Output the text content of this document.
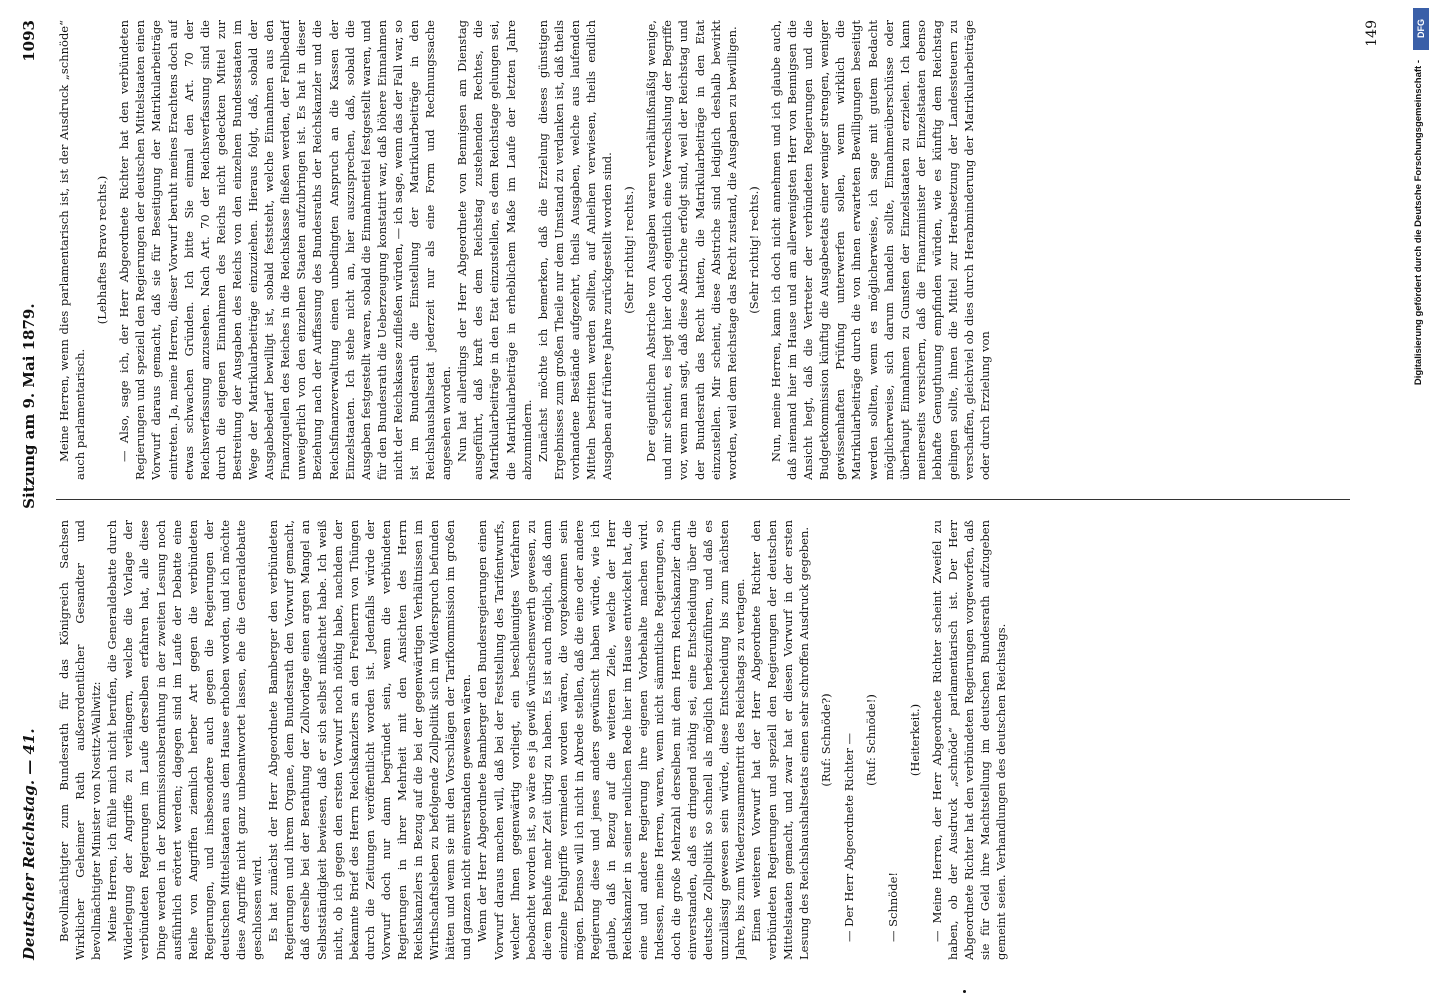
Deutscher Reichstag. — 41.
Sitzung am 9. Mai 1879.
1093

Bevollmächtigter zum Bundesrath für das Königreich Sachsen Wirklicher Geheimer Rath außerordentlicher Gesandter und bevollmächtigter Minister von Nostitz-Wallwitz: Meine Herren, ich fühle mich nicht berufen, die Generaldebatte durch Widerlegung der Angriffe zu verlängern, welche die Vorlage der verbündeten Regierungen im Laufe derselben erfahren hat, alle diese Dinge werden in der Kommissionsberathung in der zweiten Lesung noch ausführlich erörtert werden; dagegen sind im Laufe der Debatte eine Reihe von Angriffen ziemlich herber Art gegen die verbündeten Regierungen, und insbesondere auch gegen die Regierungen der deutschen Mittelstaaten aus dem Hause erhoben worden, und ich möchte diese Angriffe nicht ganz unbeantwortet lassen, ehe die Generaldebatte geschlossen wird. Es hat zunächst der Herr Abgeordnete Bamberger den verbündeten Regierungen und ihrem Organe, dem Bundesrath den Vorwurf gemacht, daß derselbe bei der Berathung der Zollvorlage einen argen Mangel an Selbstständigkeit bewiesen, daß er sich selbst mißachtet habe. Ich weiß nicht, ob ich gegen den ersten Vorwurf noch nöthig habe, nachdem der bekannte Brief des Herrn Reichskanzlers an den Freiherrn von Thüngen durch die Zeitungen veröffentlicht worden ist. Jedenfalls würde der Vorwurf doch nur dann begründet sein, wenn die verbündeten Regierungen in ihrer Mehrheit mit den Ansichten des Herrn Reichskanzlers in Bezug auf die bei der gegenwärtigen Verhältnissen im Wirthschaftsleben zu befolgende Zollpolitik sich im Widerspruch befunden hätten und wenn sie mit den Vorschlägen der Tarifkommission im großen und ganzen nicht einverstanden gewesen wären. Wenn der Herr Abgeordnete Bamberger den Bundesregierungen einen Vorwurf daraus machen will, daß bei der Feststellung des Tarifentwurfs, welcher Ihnen gegenwärtig vorliegt, ein beschleunigtes Verfahren beobachtet worden ist, so wäre es ja gewiß wünschenswerth gewesen, zu die'em Behufe mehr Zeit übrig zu haben. Es ist auch möglich, daß dann einzelne Fehlgriffe vermieden worden wären, die vorgekommen sein mögen. Ebenso will ich nicht in Abrede stellen, daß die eine oder andere Regierung diese und jenes anders gewünscht haben würde, wie ich glaube, daß in Bezug auf die weiteren Ziele, welche der Herr Reichskanzler in seiner neulichen Rede hier im Hause entwickelt hat, die eine und andere Regierung ihre eigenen Vorbehalte machen wird. Indessen, meine Herren, waren, wenn nicht sämmtliche Regierungen, so doch die große Mehrzahl derselben mit dem Herrn Reichskanzler darin einverstanden, daß es dringend nöthig sei, eine Entscheidung über die deutsche Zollpolitik so schnell als möglich herbeizuführen, und daß es unzulässig gewesen sein würde, diese Entscheidung bis zum nächsten Jahre, bis zum Wiederzusammentritt des Reichstags zu vertagen. Einen weiteren Vorwurf hat der Herr Abgeordnete Richter den verbündeten Regierungen und speziell den Regierungen der deutschen Mittelstaaten gemacht, und zwar hat er diesen Vorwurf in der ersten Lesung des Reichshaushaltsetats einen sehr schroffen Ausdruck gegeben. (Ruf: Schnöde?) — Der Herr Abgeordnete Richter — (Ruf: Schnöde!)

— Schnöde!

(Heiterkeit.) — Meine Herren, der Herr Abgeordnete Richter scheint Zweifel zu haben, ob der Ausdruck „schnöde“ parlamentarisch ist. Der Herr Abgeordnete Richter hat den verbündeten Regierungen vorgeworfen, daß sie für Geld ihre Machtstellung im deutschen Bundesrath aufzugeben gemeint seien. Verhandlungen des deutschen Reichstags.

Meine Herren, wenn dies parlamentarisch ist, ist der Ausdruck „schnöde“ auch parlamentarisch.

(Lebhaftes Bravo rechts.) — Also, sage ich, der Herr Abgeordnete Richter hat den verbündeten Regierungen und speziell den Regierungen der deutschen Mittelstaaten einen Vorwurf daraus gemacht, daß sie für Beseitigung der Matrikularbeiträge eintreten. Ja, meine Herren, dieser Vorwurf beruht meines Erachtens doch auf etwas schwachen Gründen. Ich bitte Sie einmal den Art. 70 der Reichsverfassung anzusehen. Nach Art. 70 der Reichsverfassung sind die durch die eigenen Einnahmen des Reichs nicht gedeckten Mittel zur Bestreitung der Ausgaben des Reichs von den einzelnen Bundesstaaten im Wege der Matrikularbeiträge einzuziehen. Hieraus folgt, daß, sobald der Ausgabebedarf bewilligt ist, sobald feststeht, welche Einnahmen aus den Finanzquellen des Reiches in die Reichskasse fließen werden, der Fehlbedarf unweigerlich von den einzelnen Staaten aufzubringen ist. Es hat in dieser Beziehung nach der Auffassung des Bundesraths der Reichskanzler und die Reichsfinanzverwaltung einen unbedingten Anspruch an die Kassen der Einzelstaaten. Ich stehe nicht an, hier auszusprechen, daß, sobald die Ausgaben festgestellt waren, sobald die Einnahmetitel festgestellt waren, und für den Bundesrath die Ueberzeugung konstatirt war, daß höhere Einnahmen nicht der Reichskasse zufließen würden, — ich sage, wenn das der Fall war, so ist im Bundesrath die Einstellung der Matrikularbeiträge in den Reichshaushaltsetat jederzeit nur als eine Form und Rechnungssache angesehen worden. Nun hat allerdings der Herr Abgeordnete von Bennigsen am Dienstag ausgeführt, daß kraft des dem Reichstag zustehenden Rechtes, die Matrikularbeiträge in den Etat einzustellen, es dem Reichstage gelungen sei, die Matrikularbeiträge in erheblichem Maße im Laufe der letzten Jahre abzumindern. Zunächst möchte ich bemerken, daß die Erzielung dieses günstigen Ergebnisses zum großen Theile nur dem Umstand zu verdanken ist, daß theils vorhandene Bestände aufgezehrt, theils Ausgaben, welche aus laufenden Mitteln bestritten werden sollten, auf Anleihen verwiesen, theils endlich Ausgaben auf frühere Jahre zurückgestellt worden sind. (Sehr richtig! rechts.) Der eigentlichen Abstriche von Ausgaben waren verhältnißmäßig wenige, und mir scheint, es liegt hier doch eigentlich eine Verwechslung der Begriffe vor, wenn man sagt, daß diese Abstriche erfolgt sind, weil der Reichstag und der Bundesrath das Recht hatten, die Matrikularbeiträge in den Etat einzustellen. Mir scheint, diese Abstriche sind lediglich deshalb bewirkt worden, weil dem Reichstage das Recht zustand, die Ausgaben zu bewilligen. (Sehr richtig! rechts.) Nun, meine Herren, kann ich doch nicht annehmen und ich glaube auch, daß niemand hier im Hause und am allerwenigsten Herr von Bennigsen die Ansicht hegt, daß die Vertreter der verbündeten Regierungen und die Budgetkommission künftig die Ausgabeetats einer weniger strengen, weniger gewissenhaften Prüfung unterwerfen sollen, wenn wirklich die Matrikularbeiträge durch die von ihnen erwarteten Bewilligungen beseitigt werden sollten, wenn es möglicherweise, ich sage mit gutem Bedacht möglicherweise, sich darum handeln sollte, Einnahmeüberschüsse oder überhaupt Einnahmen zu Gunsten der Einzelstaaten zu erzielen. Ich kann meinerseits versichern, daß die Finanzminister der Einzelstaaten ebenso lebhafte Genugthuung empfinden würden, wie es künftig dem Reichstag gelingen sollte, ihnen die Mittel zur Herabsetzung der Landessteuern zu verschaffen, gleichviel ob dies durch Herabminderung der Matrikularbeiträge oder durch Erzielung von

149	DFG
Digitalisierung gefördert durch die Deutsche Forschungsgemeinschaft -
